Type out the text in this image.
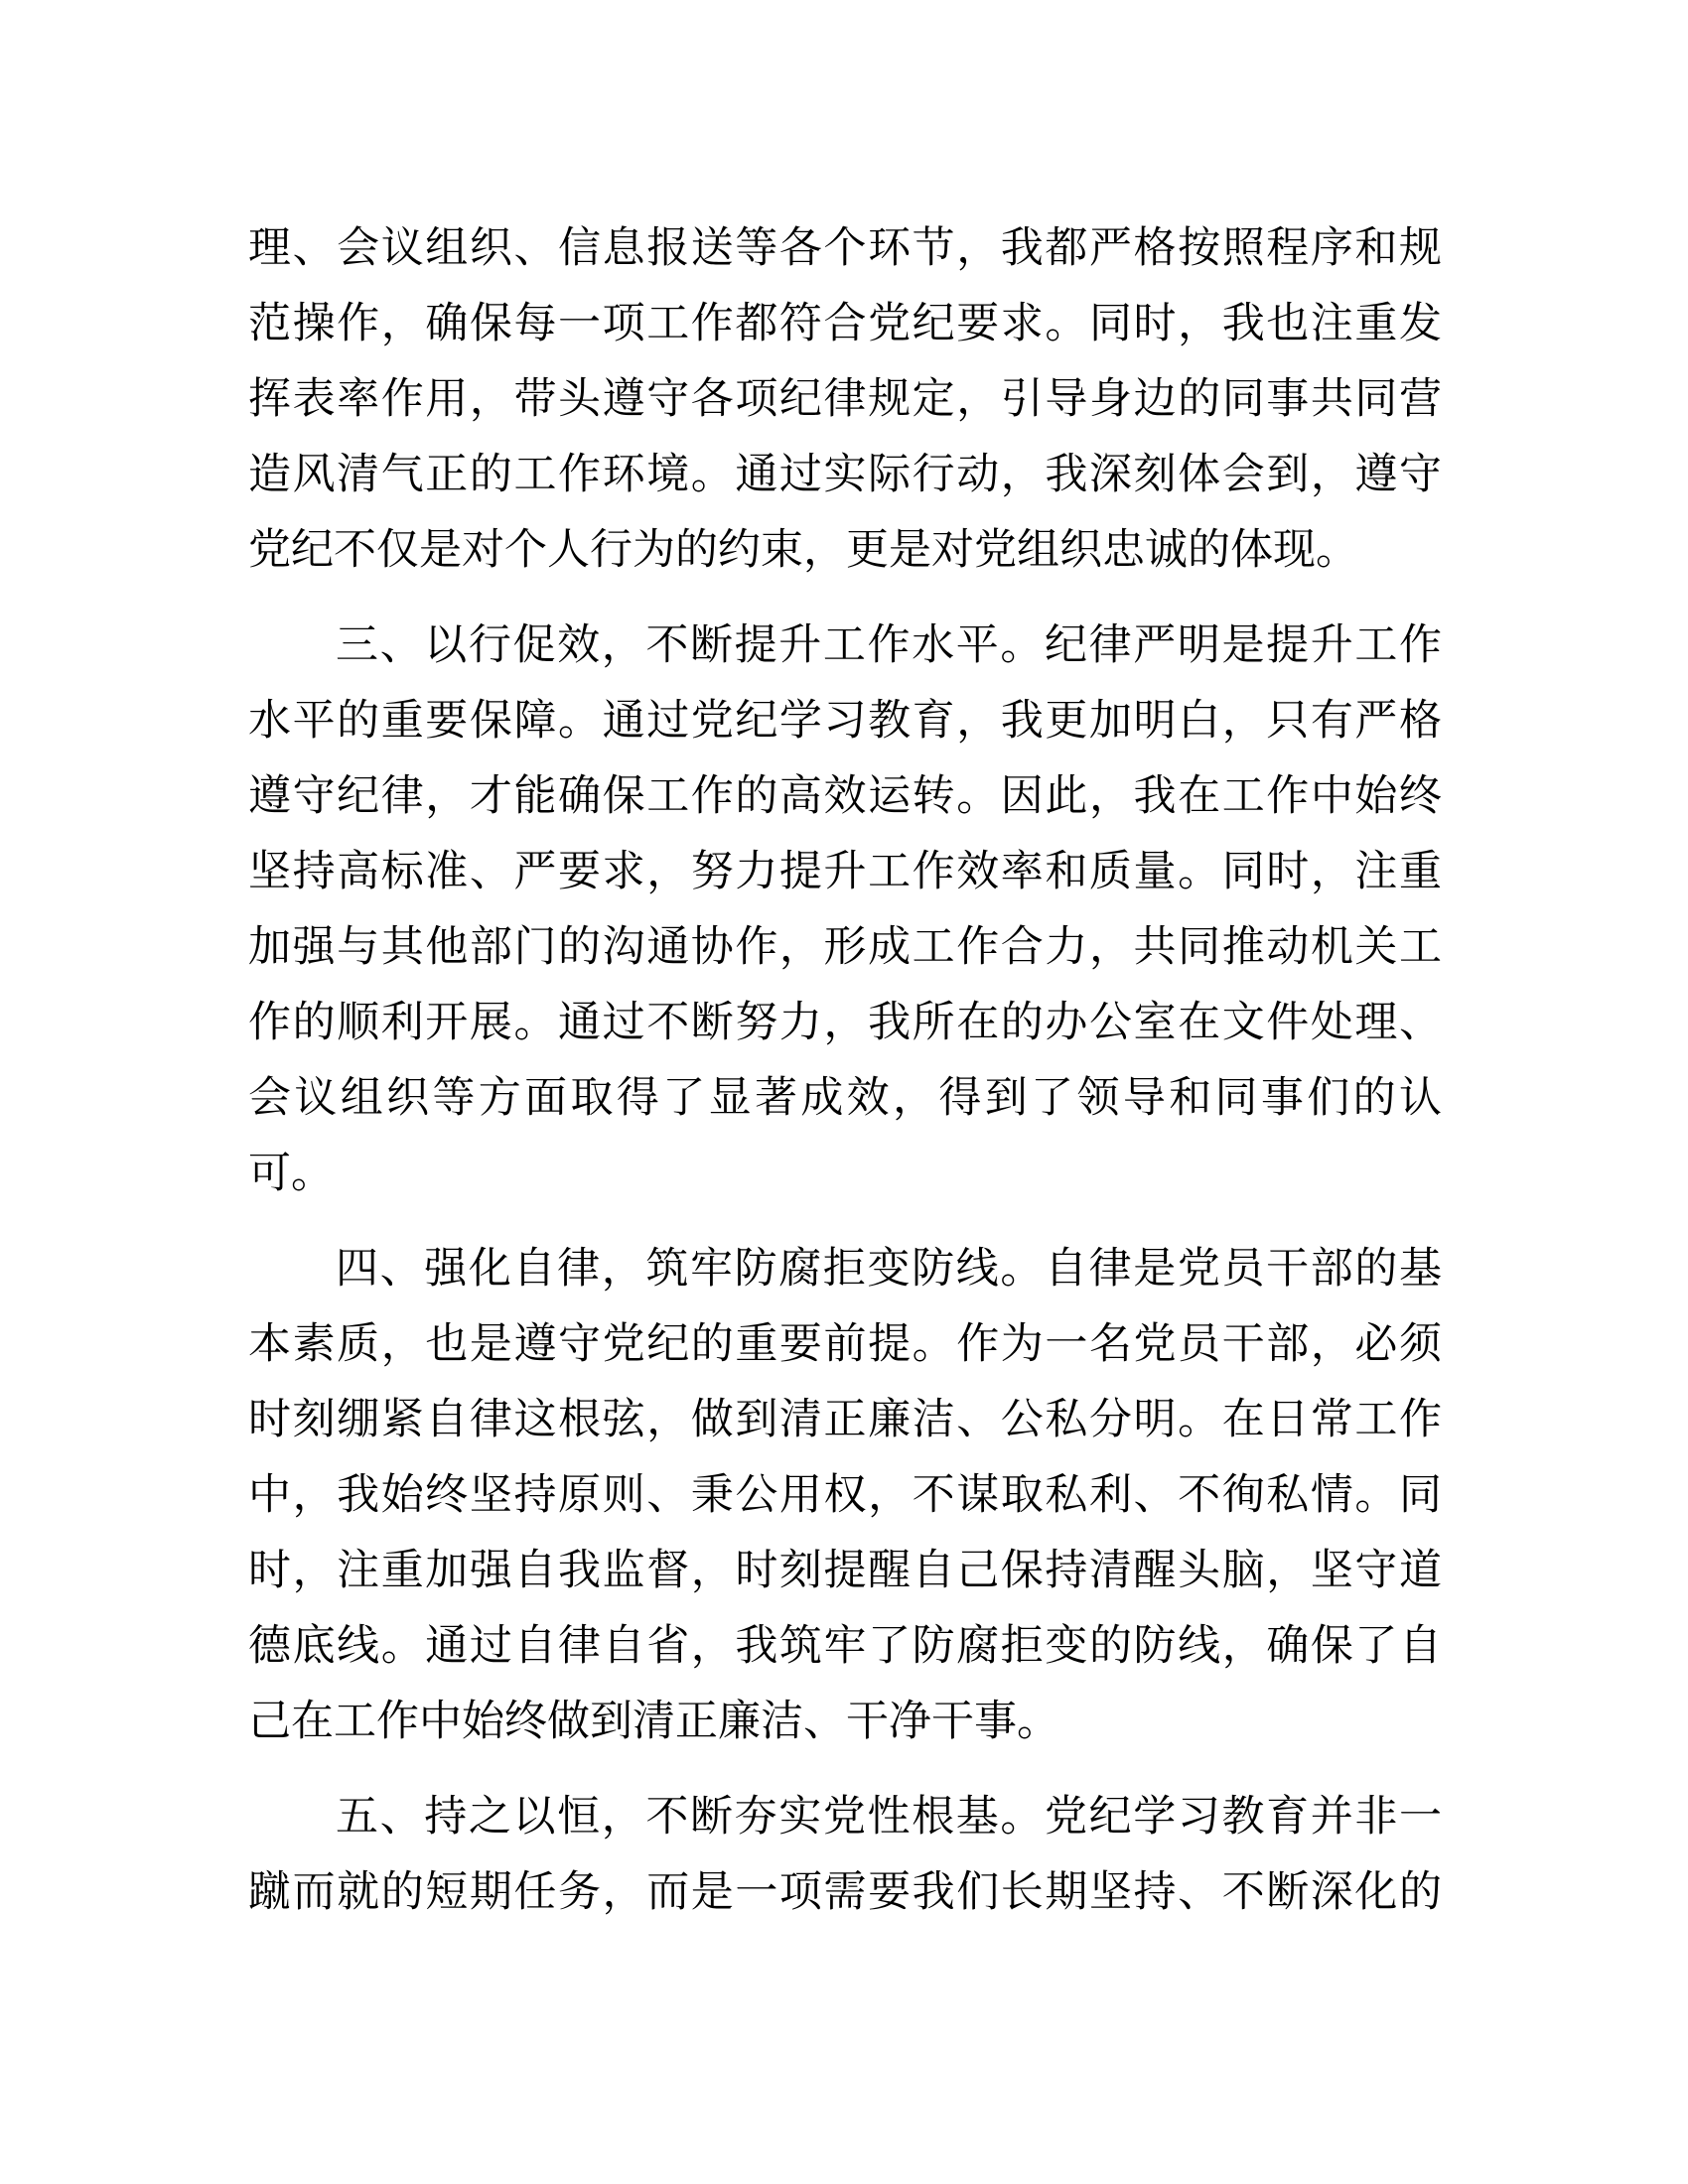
理、会议组织、信息报送等各个环节，我都严格按照程序和规
范操作，确保每一项工作都符合党纪要求。同时，我也注重发
挥表率作用，带头遵守各项纪律规定，引导身边的同事共同营
造风清气正的工作环境。通过实际行动，我深刻体会到，遵守
党纪不仅是对个人行为的约束，更是对党组织忠诚的体现。
三、以行促效，不断提升工作水平。纪律严明是提升工作
水平的重要保障。通过党纪学习教育，我更加明白，只有严格
遵守纪律，才能确保工作的高效运转。因此，我在工作中始终
坚持高标准、严要求，努力提升工作效率和质量。同时，注重
加强与其他部门的沟通协作，形成工作合力，共同推动机关工
作的顺利开展。通过不断努力，我所在的办公室在文件处理、
会议组织等方面取得了显著成效，得到了领导和同事们的认
可。
四、强化自律，筑牢防腐拒变防线。自律是党员干部的基
本素质，也是遵守党纪的重要前提。作为一名党员干部，必须
时刻绷紧自律这根弦，做到清正廉洁、公私分明。在日常工作
中，我始终坚持原则、秉公用权，不谋取私利、不徇私情。同
时，注重加强自我监督，时刻提醒自己保持清醒头脑，坚守道
德底线。通过自律自省，我筑牢了防腐拒变的防线，确保了自
己在工作中始终做到清正廉洁、干净干事。
五、持之以恒，不断夯实党性根基。党纪学习教育并非一
蹴而就的短期任务，而是一项需要我们长期坚持、不断深化的
